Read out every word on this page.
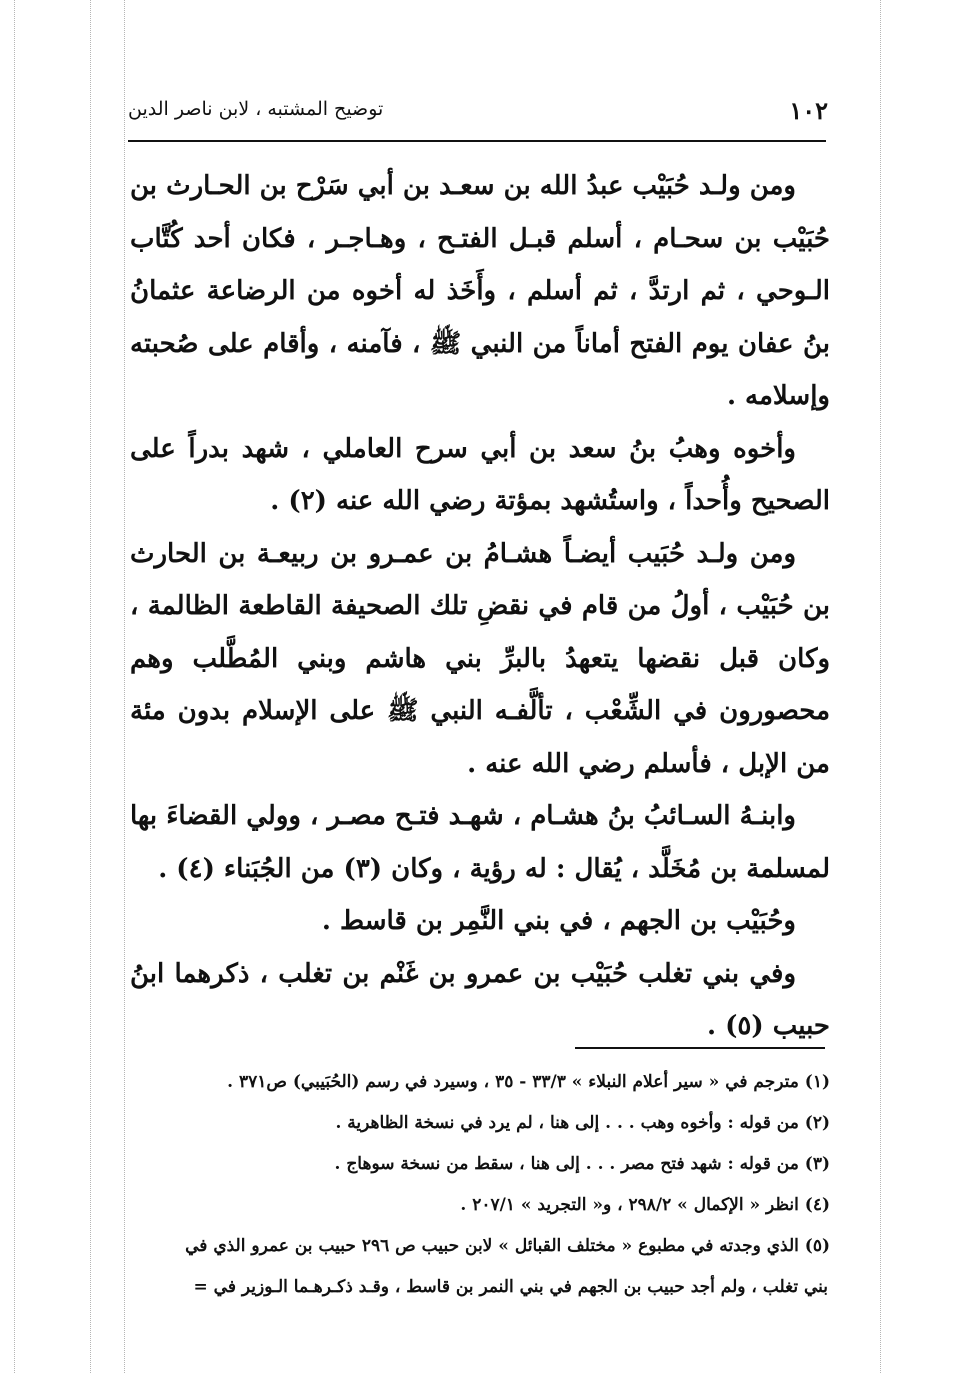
١٠٢
توضيح المشتبه ، لابن ناصر الدين

ومن ولـد حُبَيْب عبدُ الله بن سعـد بن أبي سَرْح بن الحـارث بن حُبَيْب بن سحـام ، أسلم قبـل الفتـح ، وهـاجـر ، فكان أحد كُتَّاب الـوحي ، ثم ارتدَّ ، ثم أسلم ، وأَخَذ له أخوه من الرضاعة عثمانُ بنُ عفان يوم الفتح أماناً من النبي ﷺ ، فآمنه ، وأقام على صُحبته وإسلامه .

وأخوه وهبُ بنُ سعد بن أبي سرح العاملي ، شهد بدراً على الصحيح وأُحداً ، واستُشهد بمؤتة رضي الله عنه (٢) .

ومن ولـد حُبَيب أيضـاً هشـامُ بن عمـرو بن ربيعـة بن الحارث بن حُبَيْب ، أولُ من قام في نقضِ تلك الصحيفة القاطعة الظالمة ، وكان قبل نقضها يتعهدُ بالبرِّ بني هاشم وبني المُطَّلب وهم محصورون في الشِّعْب ، تألَّفـه النبي ﷺ على الإسلام بدون مئة من الإبل ، فأسلم رضي الله عنه .

وابنـهُ السـائبُ بنُ هشـام ، شهـد فتـح مصـر ، وولي القضاءَ بها لمسلمة بن مُخَلَّد ، يُقال : له رؤية ، وكان (٣) من الجُبَناء (٤) .

وحُبَيْب بن الجهم ، في بني النَّمِر بن قاسط .

وفي بني تغلب حُبَيْب بن عمرو بن غَنْم بن تغلب ، ذكرهما ابنُ حبيب (٥) .

(١) مترجم في « سير أعلام النبلاء » ٣٣/٣ - ٣٥ ، وسيرد في رسم (الحُبَيبي) ص٣٧١ .

(٢) من قوله : وأخوه وهب . . . إلى هنا ، لم يرد في نسخة الظاهرية .

(٣) من قوله : شهد فتح مصر . . . إلى هنا ، سقط من نسخة سوهاج .

(٤) انظر « الإكمال » ٢٩٨/٢ ، و« التجريد » ٢٠٧/١ .

(٥) الذي وجدته في مطبوع « مختلف القبائل » لابن حبيب ص ٢٩٦ حبيب بن عمرو الذي في

بني تغلب ، ولم أجد حبيب بن الجهم في بني النمر بن قاسط ، وقـد ذكـرهـما الـوزير في =
